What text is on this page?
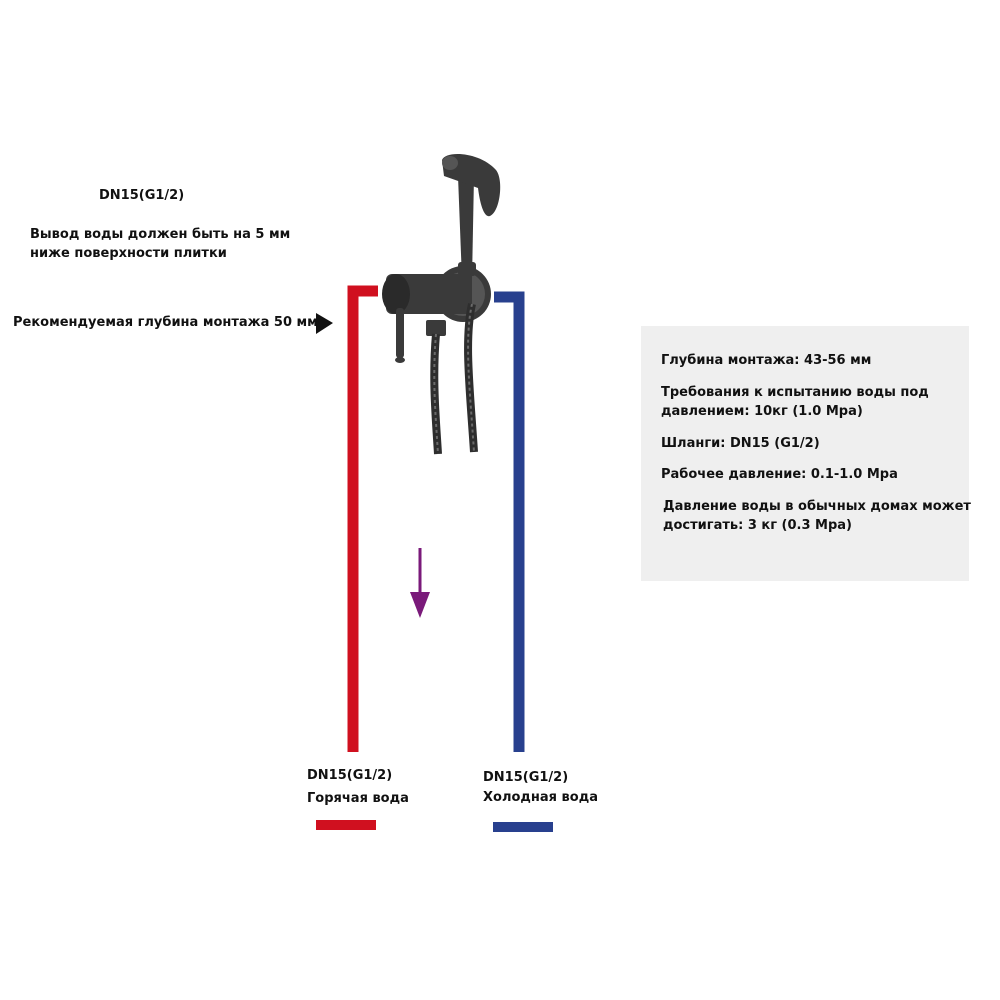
DN15(G1/2)
Вывод воды должен быть на 5 мм
ниже поверхности плитки
Рекомендуемая глубина монтажа 50 мм
DN15(G1/2)
Горячая вода
DN15(G1/2)
Холодная вода
Глубина монтажа: 43-56 мм
Требования к испытанию воды под
давлением: 10кг (1.0 Mpa)
Шланги: DN15 (G1/2)
Рабочее давление: 0.1-1.0 Mpa
Давление воды в обычных домах может
достигать: 3 кг (0.3 Mpa)
